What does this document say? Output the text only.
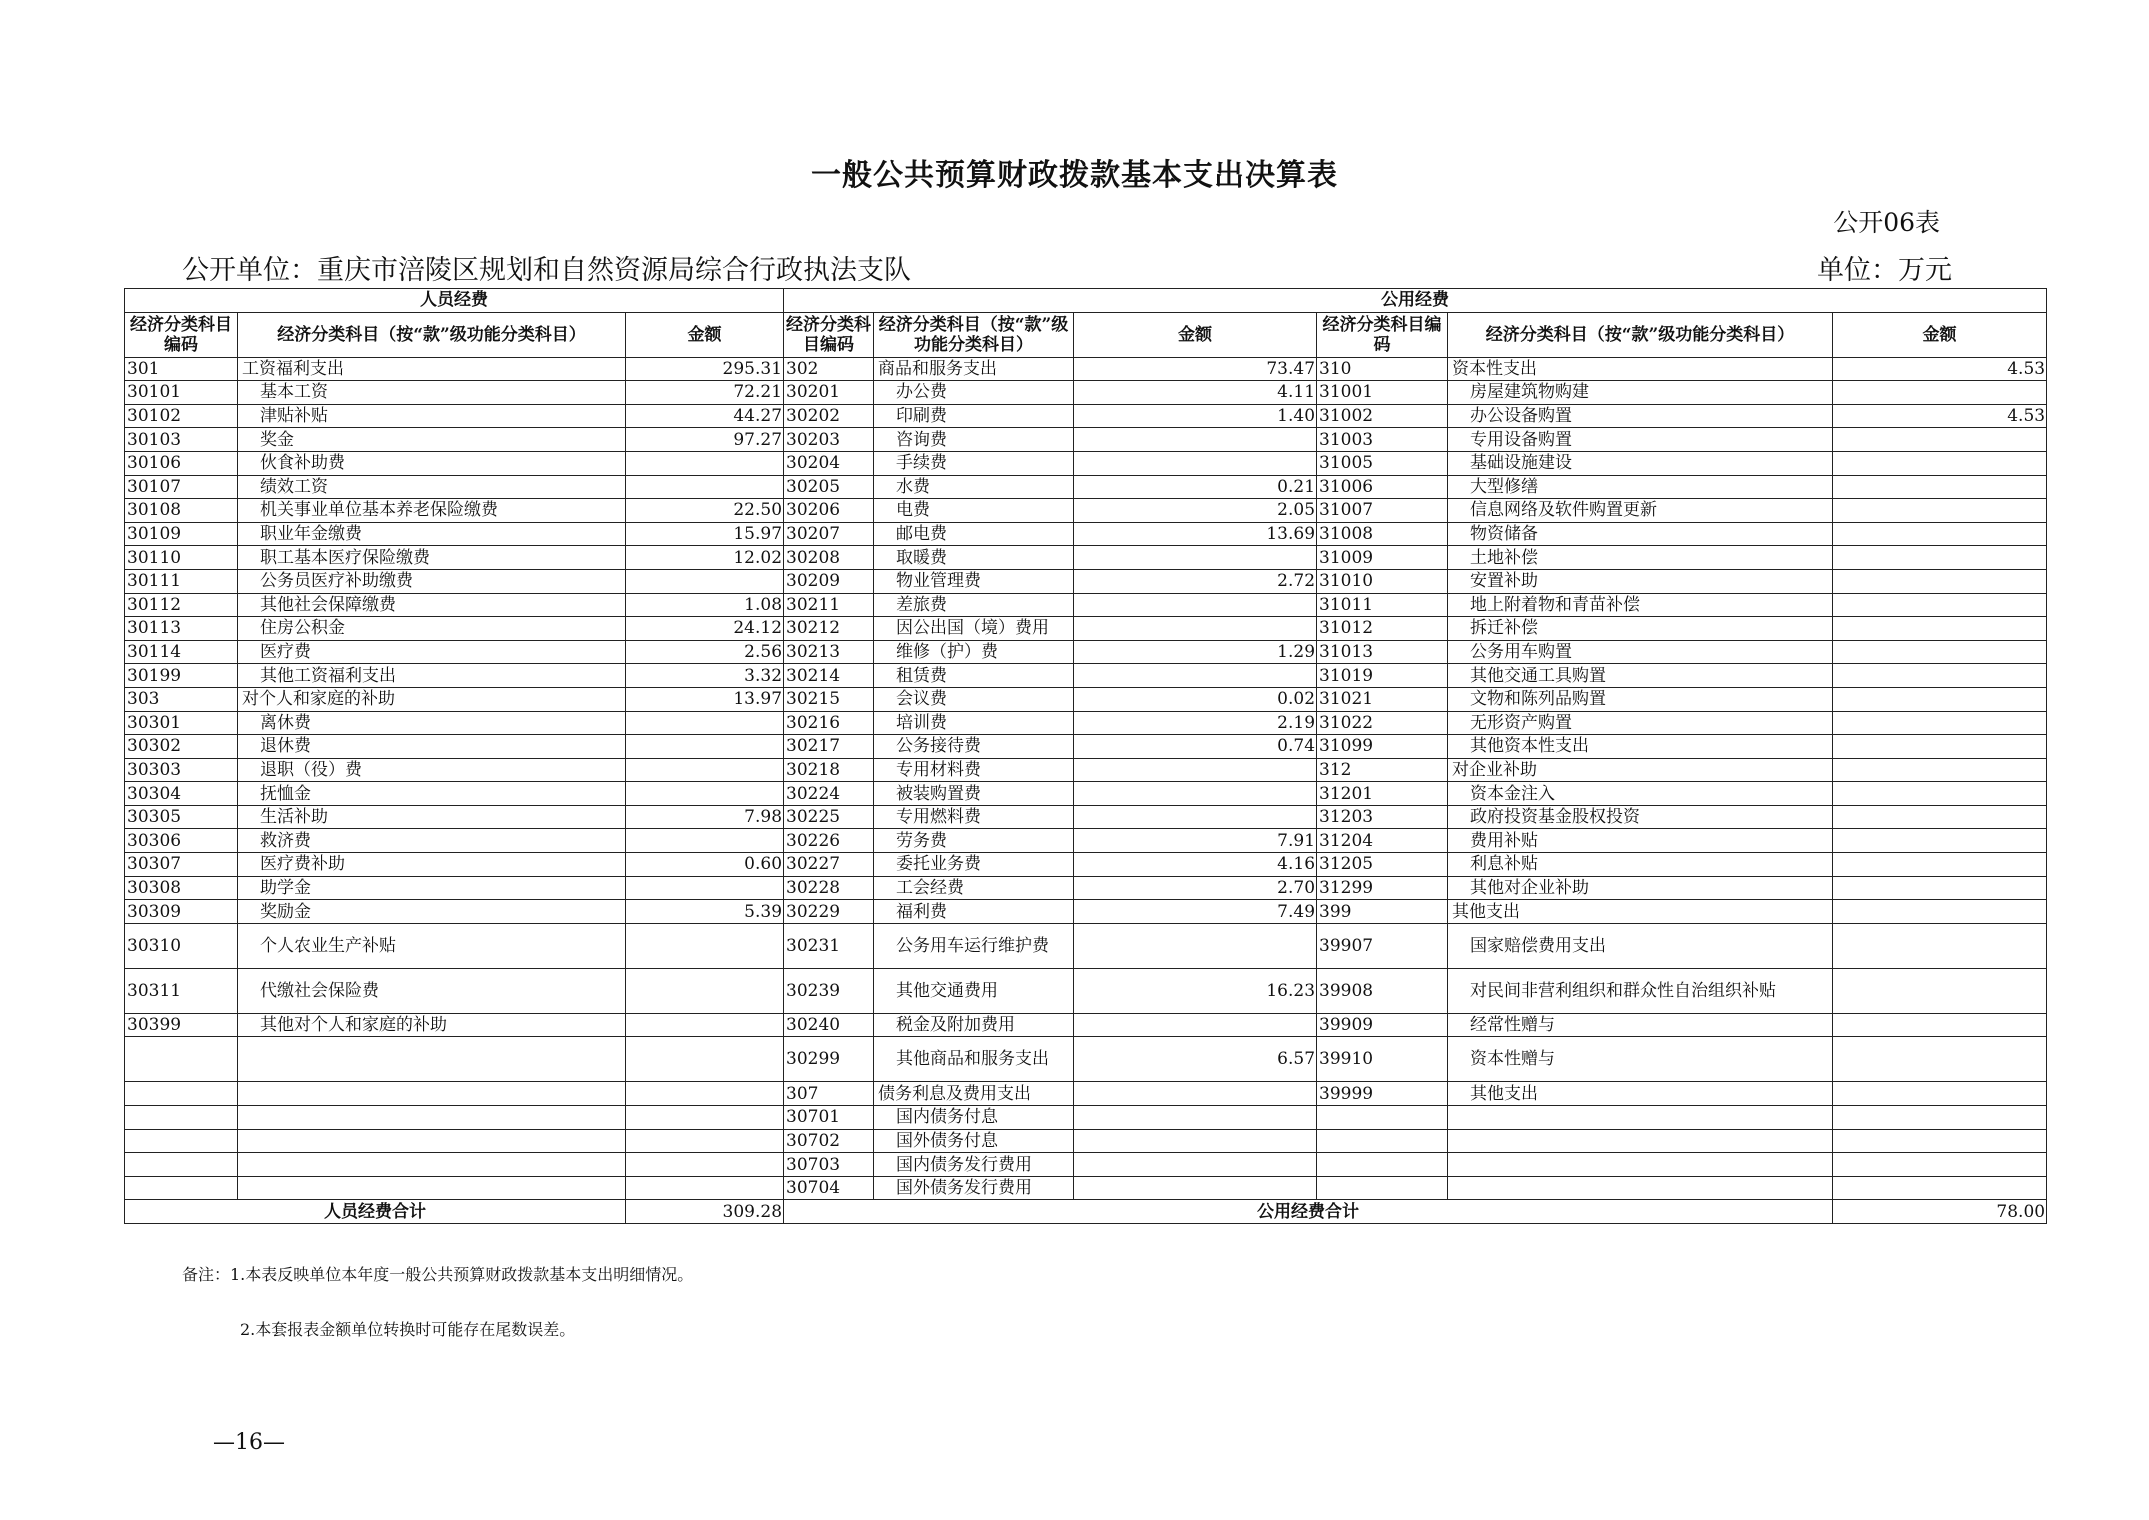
一般公共预算财政拨款基本支出决算表
公开06表
公开单位：重庆市涪陵区规划和自然资源局综合行政执法支队	单位：万元
人员经费			公用经费					
经济分类科目编码	经济分类科目（按“款”级功能分类科目）	金额	经济分类科目编码	经济分类科目（按“款”级功能分类科目）	金额	经济分类科目编码	经济分类科目（按“款”级功能分类科目）	金额
301	工资福利支出	295.31	302	商品和服务支出	73.47	310	资本性支出	4.53
30101	基本工资	72.21	30201	办公费	4.11	31001	房屋建筑物购建	
30102	津贴补贴	44.27	30202	印刷费	1.40	31002	办公设备购置	4.53
30103	奖金	97.27	30203	咨询费		31003	专用设备购置	
30106	伙食补助费		30204	手续费		31005	基础设施建设	
30107	绩效工资		30205	水费	0.21	31006	大型修缮	
30108	机关事业单位基本养老保险缴费	22.50	30206	电费	2.05	31007	信息网络及软件购置更新	
30109	职业年金缴费	15.97	30207	邮电费	13.69	31008	物资储备	
30110	职工基本医疗保险缴费	12.02	30208	取暖费		31009	土地补偿	
30111	公务员医疗补助缴费		30209	物业管理费	2.72	31010	安置补助	
30112	其他社会保障缴费	1.08	30211	差旅费		31011	地上附着物和青苗补偿	
30113	住房公积金	24.12	30212	因公出国（境）费用		31012	拆迁补偿	
30114	医疗费	2.56	30213	维修（护）费	1.29	31013	公务用车购置	
30199	其他工资福利支出	3.32	30214	租赁费		31019	其他交通工具购置	
303	对个人和家庭的补助	13.97	30215	会议费	0.02	31021	文物和陈列品购置	
30301	离休费		30216	培训费	2.19	31022	无形资产购置	
30302	退休费		30217	公务接待费	0.74	31099	其他资本性支出	
30303	退职（役）费		30218	专用材料费		312	对企业补助	
30304	抚恤金		30224	被装购置费		31201	资本金注入	
30305	生活补助	7.98	30225	专用燃料费		31203	政府投资基金股权投资	
30306	救济费		30226	劳务费	7.91	31204	费用补贴	
30307	医疗费补助	0.60	30227	委托业务费	4.16	31205	利息补贴	
30308	助学金		30228	工会经费	2.70	31299	其他对企业补助	
30309	奖励金	5.39	30229	福利费	7.49	399	其他支出	
30310	个人农业生产补贴		30231	公务用车运行维护费		39907	国家赔偿费用支出	
30311	代缴社会保险费		30239	其他交通费用	16.23	39908	对民间非营利组织和群众性自治组织补贴	
30399	其他对个人和家庭的补助		30240	税金及附加费用		39909	经常性赠与	
			30299	其他商品和服务支出	6.57	39910	资本性赠与	
			307	债务利息及费用支出		39999	其他支出	
			30701	国内债务付息				
			30702	国外债务付息				
			30703	国内债务发行费用				
			30704	国外债务发行费用				
人员经费合计		309.28	公用经费合计					78.00
备注：1.本表反映单位本年度一般公共预算财政拨款基本支出明细情况。
2.本套报表金额单位转换时可能存在尾数误差。
—16—
